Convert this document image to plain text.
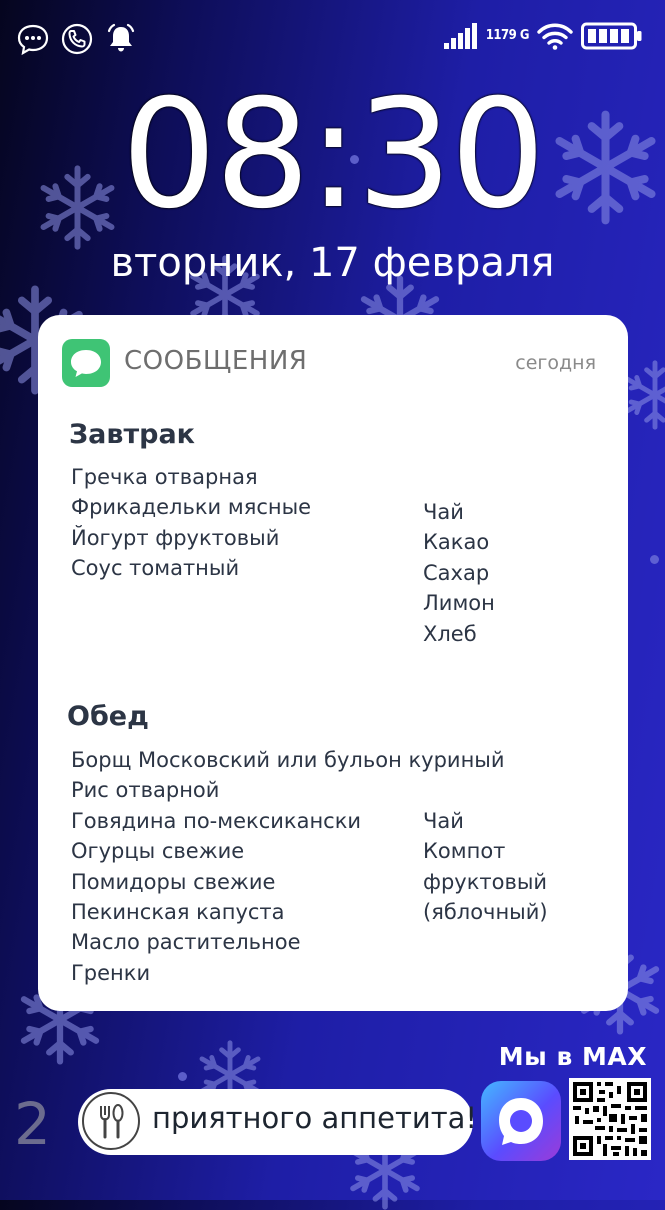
1179 G
08:30
вторник, 17 февраля
СООБЩЕНИЯ	сегодня
Завтрак
Гречка отварная
Фрикадельки мясные
Йогурт фруктовый
Соус томатный
Чай
Какао
Сахар
Лимон
Хлеб
Обед
Борщ Московский или бульон куриный
Рис отварной
Говядина по-мексикански
Огурцы свежие
Помидоры свежие
Пекинская капуста
Масло растительное
Гренки
Чай
Компот
фруктовый
(яблочный)
Мы в MAX
2	приятного аппетита!
